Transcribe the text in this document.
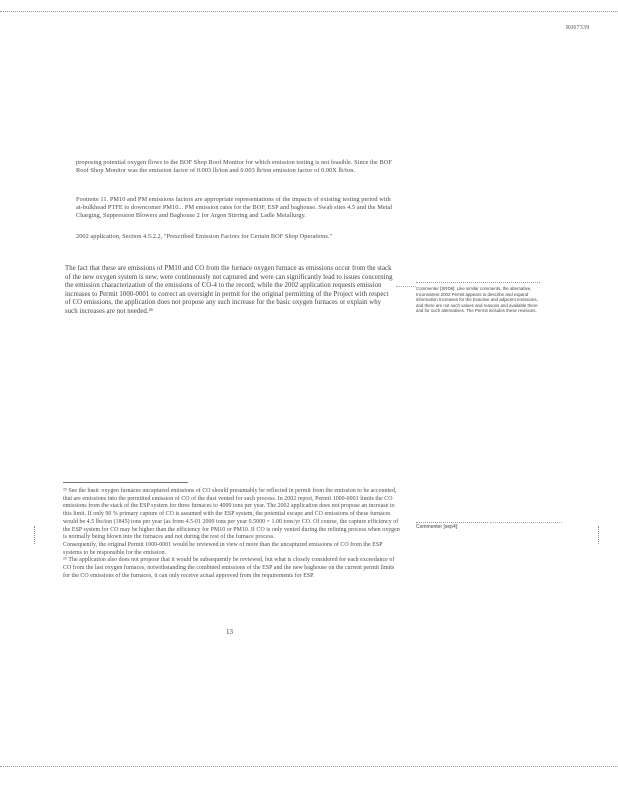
R007339
proposing potential oxygen flows to the BOF Shop Roof Monitor for which emission testing is not feasible. Since the BOF Roof Shop Monitor was the emission factor of 0.003 lb/ton and 0.003 lb/ton emission factor of 0.00X lb/ton.
Footnote 11. PM10 and PM emissions factors are appropriate representations of the impacts of existing testing period with at-bulkhead PTFE to downcomer PM10... PM emission rates for the BOF, ESP and baghouse. Swab sites 4.5 and the Metal Charging, Suppression Blowers and Baghouse 2 for Argon Stirring and Ladle Metallurgy.
2002 application, Section 4.5.2.2, "Prescribed Emission Factors for Certain BOF Shop Operations."
The fact that these are emissions of PM10 and CO from the furnace oxygen furnace as emissions occur from the stack of the new oxygen system is new, were continuously not captured and were can significantly lead to issues concerning the emission characterization of the emissions of CO-4 to the record, while the 2002 application requests emission increases to Permit 1000-0001 to correct an oversight in permit for the original permitting of the Project with respect of CO emissions, the application does not propose any such increase for the basic oxygen furnaces or explain why such increases are not needed.²⁶
Commenter [SRD6]: Like similar comments, the alternative, Inconsistent 2002 Permit appears to describe and expand information Increases for the Exactive and adjacent emissions, and there are not such values and reasons and available there and for such alternatives. The Permit includes these revisions.

²⁵ See the basic oxygen furnaces uncaptured emissions of CO should presumably be reflected in permit from the emission to be accounted, that are emissions into the permitted emission of CO of the dust vented for such process. In 2002 report, Permit 1000-0001 limits the CO emissions from the stack of the ESP system for three furnaces to 4000 tons per year. The 2002 application does not propose an increase to this limit. If only 90 % primary capture of CO is assumed with the ESP system, the potential escape and CO emissions of these furnaces would be 4.5 lbs/ton (1845) tons per year (as from 4.5-01 2000 tons per year 0.5000 = 1.00 tons/yr CO. Of course, the capture efficiency of the ESP system for CO may be higher than the efficiency for PM10 or PM10. If CO is only vented during the refining process when oxygen is normally being blown into the furnaces and not during the rest of the furnace process.

Consequently, the original Permit 1000-0001 would be reviewed in view of more than the uncaptured emissions of CO from the ESP systems to be responsible for the emission.

²⁶ The application also does not propose that it would be subsequently be reviewed, but what is closely considered for each exceedance of CO from the last oxygen furnaces, notwithstanding the combined emissions of the ESP and the new baghouse on the current permit limits for the CO emissions of the furnaces, it can only receive actual approved from the requirements for ESP.

Commenter [sep4]:
13
